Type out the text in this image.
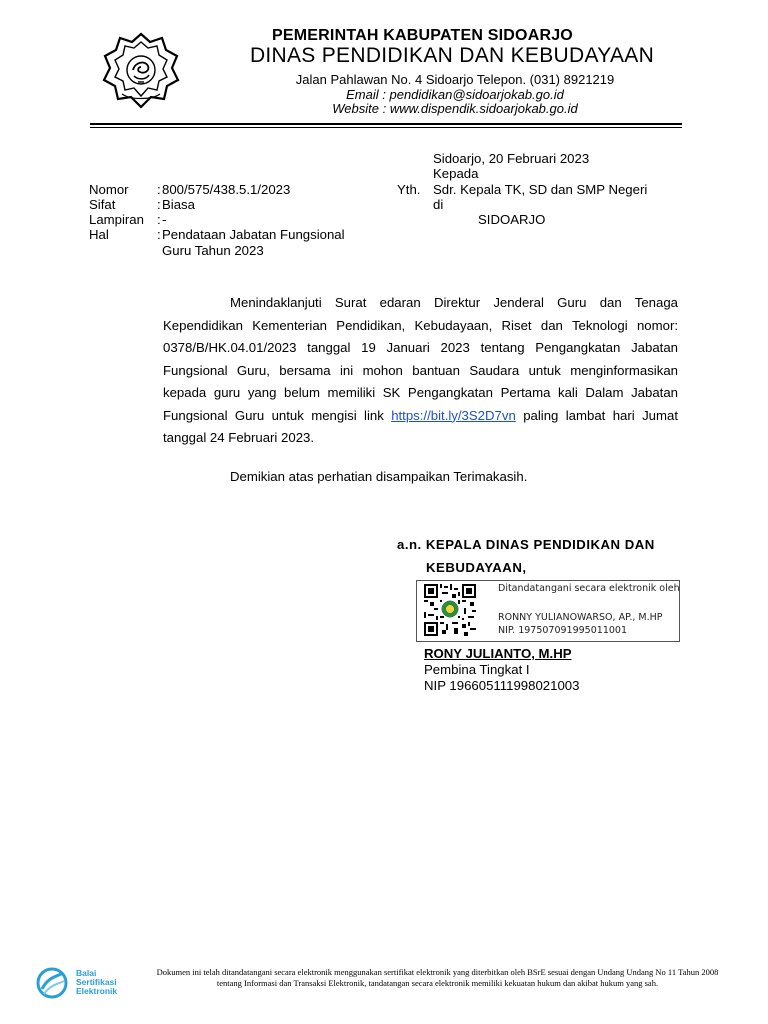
PEMERINTAH KABUPATEN SIDOARJO
DINAS PENDIDIKAN DAN KEBUDAYAAN
Jalan Pahlawan No. 4 Sidoarjo Telepon. (031) 8921219
Email : pendidikan@sidoarjokab.go.id
Website : www.dispendik.sidoarjokab.go.id
Sidoarjo, 20 Februari 2023
Kepada
Yth. Sdr. Kepala TK, SD dan SMP Negeri
di
SIDOARJO
Nomor : 800/575/438.5.1/2023
Sifat	: Biasa
Lampiran : -
Hal	: Pendataan Jabatan Fungsional
Guru Tahun 2023
Menindaklanjuti Surat edaran Direktur Jenderal Guru dan Tenaga Kependidikan Kementerian Pendidikan, Kebudayaan, Riset dan Teknologi nomor: 0378/B/HK.04.01/2023 tanggal 19 Januari 2023 tentang Pengangkatan Jabatan Fungsional Guru, bersama ini mohon bantuan Saudara untuk menginformasikan kepada guru yang belum memiliki SK Pengangkatan Pertama kali Dalam Jabatan Fungsional Guru untuk mengisi link https://bit.ly/3S2D7vn paling lambat hari Jumat tanggal 24 Februari 2023.
Demikian atas perhatian disampaikan Terimakasih.
a.n. KEPALA DINAS PENDIDIKAN DAN
KEBUDAYAAN,
Ditandatangani secara elektronik oleh
RONNY YULIANOWARSO, AP., M.HP
NIP. 197507091995011001
RONY JULIANTO, M.HP
Pembina Tingkat I
NIP 196605111998021003
Balai
Sertifikasi
Elektronik
Dokumen ini telah ditandatangani secara elektronik menggunakan sertifikat elektronik yang diterbitkan oleh BSrE sesuai dengan Undang Undang No 11 Tahun 2008 tentang Informasi dan Transaksi Elektronik, tandatangan secara elektronik memiliki kekuatan hukum dan akibat hukum yang sah.
